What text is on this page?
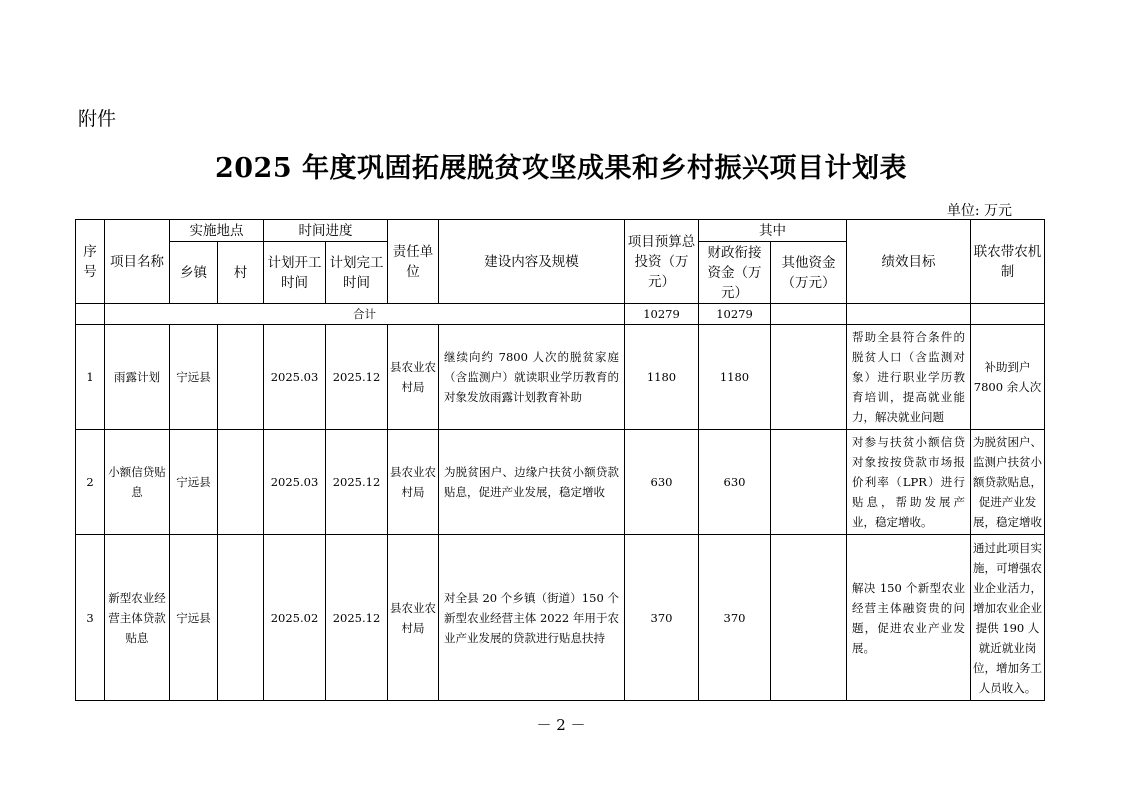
附件
2025 年度巩固拓展脱贫攻坚成果和乡村振兴项目计划表
单位: 万元
序号	项目名称	实施地点		时间进度		责任单位	建设内容及规模	项目预算总投资（万元）	其中		绩效目标	联农带农机制
		乡镇	村	计划开工时间	计划完工时间				财政衔接资金（万元）	其他资金（万元）		
	合计							10279	10279			
1	雨露计划	宁远县		2025.03	2025.12	县农业农村局	继续向约 7800 人次的脱贫家庭（含监测户）就读职业学历教育的对象发放雨露计划教育补助	1180	1180		帮助全县符合条件的脱贫人口（含监测对象）进行职业学历教育培训，提高就业能力，解决就业问题	补助到户 7800 余人次
2	小额信贷贴息	宁远县		2025.03	2025.12	县农业农村局	为脱贫困户、边缘户扶贫小额贷款贴息，促进产业发展，稳定增收	630	630		对参与扶贫小额信贷对象按按贷款市场报价利率（LPR）进行贴息，帮助发展产业，稳定增收。	为脱贫困户、监测户扶贫小额贷款贴息，促进产业发展，稳定增收
3	新型农业经营主体贷款贴息	宁远县		2025.02	2025.12	县农业农村局	对全县 20 个乡镇（街道）150 个新型农业经营主体 2022 年用于农业产业发展的贷款进行贴息扶持	370	370		解决 150 个新型农业经营主体融资贵的问题，促进农业产业发展。	通过此项目实施，可增强农业企业活力，增加农业企业提供 190 人就近就业岗位，增加务工人员收入。
－ 2 －
